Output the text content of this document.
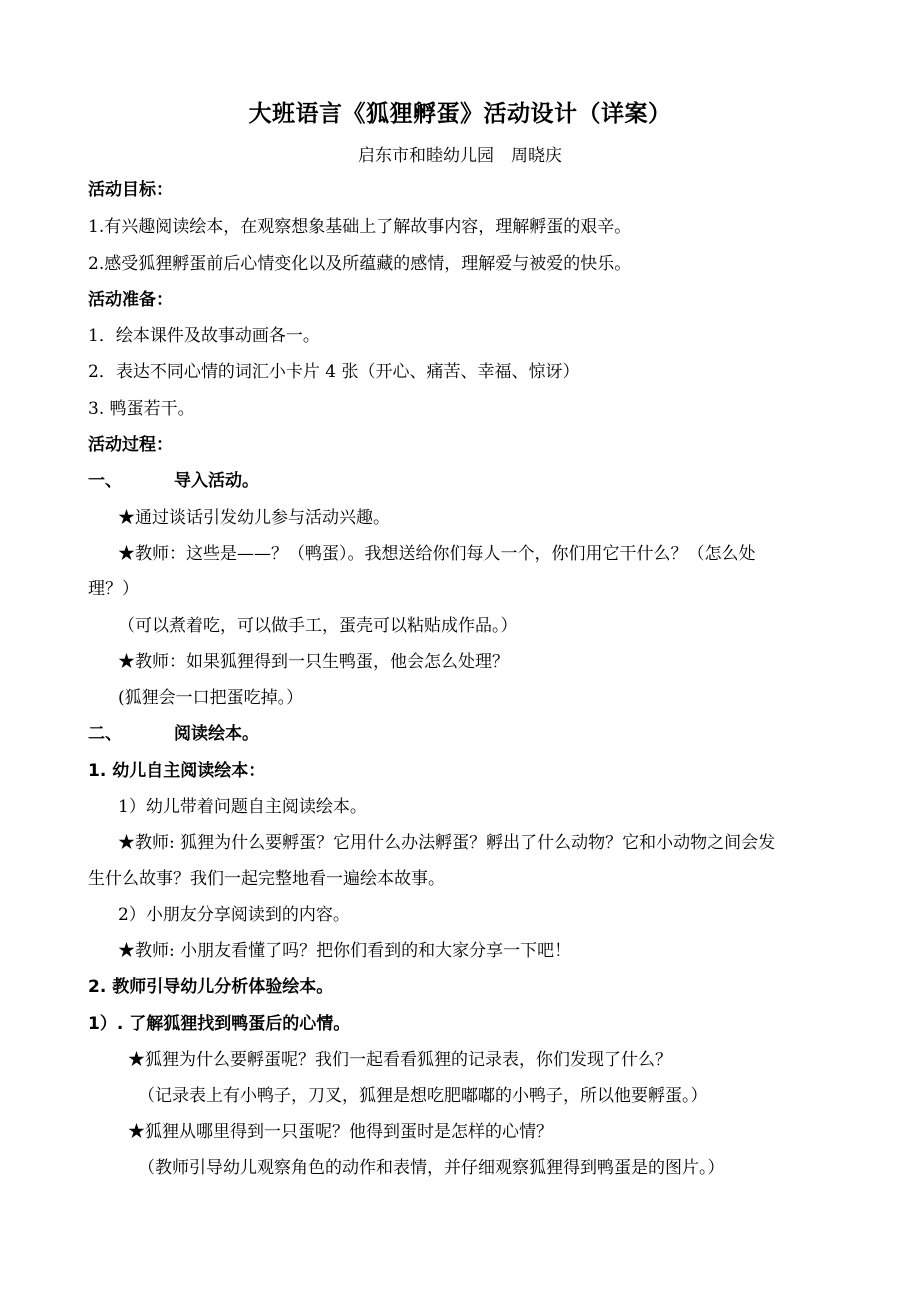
大班语言《狐狸孵蛋》活动设计（详案）
启东市和睦幼儿园　周晓庆
活动目标：
1.有兴趣阅读绘本，在观察想象基础上了解故事内容，理解孵蛋的艰辛。
2.感受狐狸孵蛋前后心情变化以及所蕴藏的感情，理解爱与被爱的快乐。
活动准备：
1．绘本课件及故事动画各一。
2．表达不同心情的词汇小卡片 4 张（开心、痛苦、幸福、惊讶）
3. 鸭蛋若干。
活动过程：
一、	导入活动。
★通过谈话引发幼儿参与活动兴趣。
★教师：这些是——？（鸭蛋）。我想送给你们每人一个，你们用它干什么？（怎么处
理？）
（可以煮着吃，可以做手工，蛋壳可以粘贴成作品。）
★教师：如果狐狸得到一只生鸭蛋，他会怎么处理？
(狐狸会一口把蛋吃掉。）
二、	阅读绘本。
1. 幼儿自主阅读绘本：
1）幼儿带着问题自主阅读绘本。
★教师: 狐狸为什么要孵蛋？它用什么办法孵蛋？孵出了什么动物？它和小动物之间会发
生什么故事？我们一起完整地看一遍绘本故事。
2）小朋友分享阅读到的内容。
★教师: 小朋友看懂了吗？把你们看到的和大家分享一下吧！
2. 教师引导幼儿分析体验绘本。
1）. 了解狐狸找到鸭蛋后的心情。
★狐狸为什么要孵蛋呢？我们一起看看狐狸的记录表，你们发现了什么？
（记录表上有小鸭子，刀叉，狐狸是想吃肥嘟嘟的小鸭子，所以他要孵蛋。）
★狐狸从哪里得到一只蛋呢？他得到蛋时是怎样的心情？
（教师引导幼儿观察角色的动作和表情，并仔细观察狐狸得到鸭蛋是的图片。）
